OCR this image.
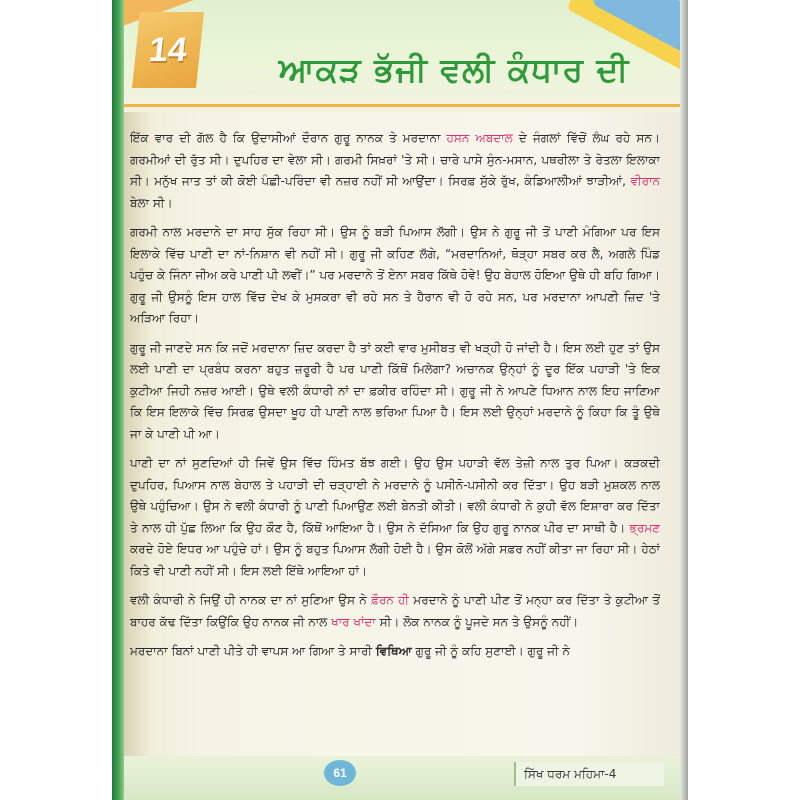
14
ਆਕੜ ਭੱਜੀ ਵਲੀ ਕੰਧਾਰ ਦੀ

ਇੱਕ ਵਾਰ ਦੀ ਗੱਲ ਹੈ ਕਿ ਉਦਾਸੀਆਂ ਦੌਰਾਨ ਗੁਰੂ ਨਾਨਕ ਤੇ ਮਰਦਾਨਾ ਹਸਨ ਅਬਦਾਲ ਦੇ ਜੰਗਲਾਂ ਵਿੱਚੋਂ ਲੰਘ ਰਹੇ ਸਨ। ਗਰਮੀਆਂ ਦੀ ਰੁੱਤ ਸੀ। ਦੁਪਹਿਰ ਦਾ ਵੇਲਾ ਸੀ। ਗਰਮੀ ਸਿਖ਼ਰਾਂ 'ਤੇ ਸੀ। ਚਾਰੇ ਪਾਸੇ ਸੁੰਨ-ਮਸਾਨ, ਪਥਰੀਲਾ ਤੇ ਰੇਤਲਾ ਇਲਾਕਾ ਸੀ। ਮਨੁੱਖ ਜਾਤ ਤਾਂ ਕੀ ਕੋਈ ਪੰਛੀ-ਪਰਿੰਦਾ ਵੀ ਨਜ਼ਰ ਨਹੀਂ ਸੀ ਆਉਂਦਾ। ਸਿਰਫ਼ ਸੁੱਕੇ ਰੁੱਖ, ਕੰਡਿਆਲੀਆਂ ਝਾੜੀਆਂ, ਵੀਰਾਨ ਬੇਲਾ ਸੀ।

ਗਰਮੀ ਨਾਲ ਮਰਦਾਨੇ ਦਾ ਸਾਹ ਸੁੱਕ ਰਿਹਾ ਸੀ। ਉਸ ਨੂੰ ਬੜੀ ਪਿਆਸ ਲੱਗੀ। ਉਸ ਨੇ ਗੁਰੂ ਜੀ ਤੋਂ ਪਾਣੀ ਮੰਗਿਆ ਪਰ ਇਸ ਇਲਾਕੇ ਵਿੱਚ ਪਾਣੀ ਦਾ ਨਾਂ-ਨਿਸ਼ਾਨ ਵੀ ਨਹੀਂ ਸੀ। ਗੁਰੂ ਜੀ ਕਹਿਣ ਲੱਗੇ, “ਮਰਦਾਨਿਆਂ, ਥੋੜ੍ਹਾ ਸਬਰ ਕਰ ਲੈ, ਅਗਲੇ ਪਿੰਡ ਪਹੁੰਚ ਕੇ ਜਿੰਨਾ ਜੀਅ ਕਰੇ ਪਾਣੀ ਪੀ ਲਵੀਂ।” ਪਰ ਮਰਦਾਨੇ ਤੋਂ ਏਨਾ ਸਬਰ ਕਿੱਥੇ ਹੋਵੇ! ਉਹ ਬੇਹਾਲ ਹੋਇਆ ਉਥੇ ਹੀ ਬਹਿ ਗਿਆ। ਗੁਰੂ ਜੀ ਉਸਨੂੰ ਇਸ ਹਾਲ ਵਿੱਚ ਦੇਖ ਕੇ ਮੁਸਕਰਾ ਵੀ ਰਹੇ ਸਨ ਤੇ ਹੈਰਾਨ ਵੀ ਹੋ ਰਹੇ ਸਨ, ਪਰ ਮਰਦਾਨਾ ਆਪਣੀ ਜ਼ਿਦ 'ਤੇ ਅੜਿਆ ਰਿਹਾ।

ਗੁਰੂ ਜੀ ਜਾਣਦੇ ਸਨ ਕਿ ਜਦੋਂ ਮਰਦਾਨਾ ਜ਼ਿਦ ਕਰਦਾ ਹੈ ਤਾਂ ਕਈ ਵਾਰ ਮੁਸੀਬਤ ਵੀ ਖੜ੍ਹੀ ਹੋ ਜਾਂਦੀ ਹੈ। ਇਸ ਲਈ ਹੁਣ ਤਾਂ ਉਸ ਲਈ ਪਾਣੀ ਦਾ ਪ੍ਰਬੰਧ ਕਰਨਾ ਬਹੁਤ ਜ਼ਰੂਰੀ ਹੈ ਪਰ ਪਾਣੀ ਕਿੱਥੋਂ ਮਿਲੇਗਾ? ਅਚਾਨਕ ਉਨ੍ਹਾਂ ਨੂੰ ਦੂਰ ਇੱਕ ਪਹਾੜੀ 'ਤੇ ਇਕ ਕੁਟੀਆ ਜਿਹੀ ਨਜ਼ਰ ਆਈ। ਉਥੇ ਵਲੀ ਕੰਧਾਰੀ ਨਾਂ ਦਾ ਫ਼ਕੀਰ ਰਹਿੰਦਾ ਸੀ। ਗੁਰੂ ਜੀ ਨੇ ਆਪਣੇ ਧਿਆਨ ਨਾਲ ਇਹ ਜਾਣਿਆ ਕਿ ਇਸ ਇਲਾਕੇ ਵਿੱਚ ਸਿਰਫ਼ ਉਸਦਾ ਖੂਹ ਹੀ ਪਾਣੀ ਨਾਲ ਭਰਿਆ ਪਿਆ ਹੈ। ਇਸ ਲਈ ਉਨ੍ਹਾਂ ਮਰਦਾਨੇ ਨੂੰ ਕਿਹਾ ਕਿ ਤੂੰ ਉਥੇ ਜਾ ਕੇ ਪਾਣੀ ਪੀ ਆ।

ਪਾਣੀ ਦਾ ਨਾਂ ਸੁਣਦਿਆਂ ਹੀ ਜਿਵੇਂ ਉਸ ਵਿੱਚ ਹਿੰਮਤ ਬੱਝ ਗਈ। ਉਹ ਉਸ ਪਹਾੜੀ ਵੱਲ ਤੇਜ਼ੀ ਨਾਲ ਤੁਰ ਪਿਆ। ਕੜਕਦੀ ਦੁਪਹਿਰ, ਪਿਆਸ ਨਾਲ ਬੇਹਾਲ ਤੇ ਪਹਾੜੀ ਦੀ ਚੜ੍ਹਾਈ ਨੇ ਮਰਦਾਨੇ ਨੂੰ ਪਸੀਨੋ-ਪਸੀਨੀ ਕਰ ਦਿੱਤਾ। ਉਹ ਬੜੀ ਮੁਸ਼ਕਲ ਨਾਲ ਉਥੇ ਪਹੁੰਚਿਆ। ਉਸ ਨੇ ਵਲੀ ਕੰਧਾਰੀ ਨੂੰ ਪਾਣੀ ਪਿਆਉਣ ਲਈ ਬੇਨਤੀ ਕੀਤੀ। ਵਲੀ ਕੰਧਾਰੀ ਨੇ ਕੁਹੀ ਵੱਲ ਇਸ਼ਾਰਾ ਕਰ ਦਿੱਤਾ ਤੇ ਨਾਲ ਹੀ ਪੁੱਛ ਲਿਆ ਕਿ ਉਹ ਕੌਣ ਹੈ, ਕਿੱਥੋਂ ਆਇਆ ਹੈ। ਉਸ ਨੇ ਦੱਸਿਆ ਕਿ ਉਹ ਗੁਰੂ ਨਾਨਕ ਪੀਰ ਦਾ ਸਾਥੀ ਹੈ। ਭ੍ਰਮਣ ਕਰਦੇ ਹੋਏ ਇਧਰ ਆ ਪਹੁੰਚੇ ਹਾਂ। ਉਸ ਨੂੰ ਬਹੁਤ ਪਿਆਸ ਲੱਗੀ ਹੋਈ ਹੈ। ਉਸ ਕੋਲੋਂ ਅੱਗੇ ਸਫ਼ਰ ਨਹੀਂ ਕੀਤਾ ਜਾ ਰਿਹਾ ਸੀ। ਹੇਠਾਂ ਕਿਤੇ ਵੀ ਪਾਣੀ ਨਹੀਂ ਸੀ। ਇਸ ਲਈ ਇੱਥੇ ਆਇਆ ਹਾਂ।

ਵਲੀ ਕੰਧਾਰੀ ਨੇ ਜਿਉਂ ਹੀ ਨਾਨਕ ਦਾ ਨਾਂ ਸੁਣਿਆ ਉਸ ਨੇ ਫ਼ੌਰਨ ਹੀ ਮਰਦਾਨੇ ਨੂੰ ਪਾਣੀ ਪੀਣ ਤੋਂ ਮਨ੍ਹਾ ਕਰ ਦਿੱਤਾ ਤੇ ਕੁਟੀਆ ਤੋਂ ਬਾਹਰ ਕੱਢ ਦਿੱਤਾ ਕਿਉਂਕਿ ਉਹ ਨਾਨਕ ਜੀ ਨਾਲ ਖਾਰ ਖਾਂਦਾ ਸੀ। ਲੋਕ ਨਾਨਕ ਨੂੰ ਪੂਜਦੇ ਸਨ ਤੇ ਉਸਨੂੰ ਨਹੀਂ।

ਮਰਦਾਨਾ ਬਿਨਾਂ ਪਾਣੀ ਪੀਤੇ ਹੀ ਵਾਪਸ ਆ ਗਿਆ ਤੇ ਸਾਰੀ ਵਿਥਿਆ ਗੁਰੂ ਜੀ ਨੂੰ ਕਹਿ ਸੁਣਾਈ। ਗੁਰੂ ਜੀ ਨੇ

61	ਸਿੱਖ ਧਰਮ ਮਹਿਮਾ-4
